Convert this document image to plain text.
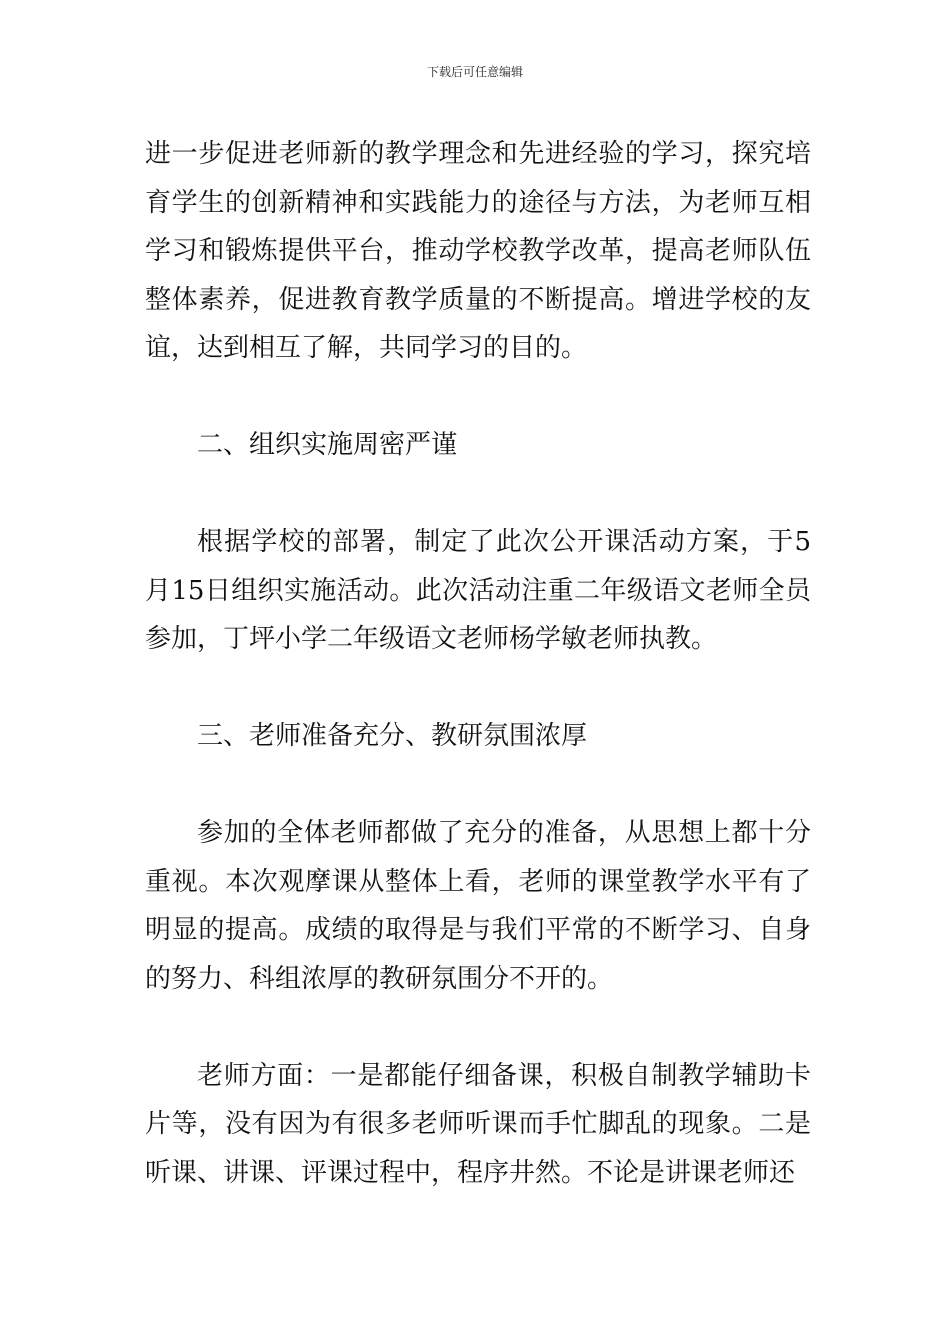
下载后可任意编辑

进一步促进老师新的教学理念和先进经验的学习，探究培育学生的创新精神和实践能力的途径与方法，为老师互相学习和锻炼提供平台，推动学校教学改革，提高老师队伍整体素养，促进教育教学质量的不断提高。增进学校的友谊，达到相互了解，共同学习的目的。

二、组织实施周密严谨

根据学校的部署，制定了此次公开课活动方案，于5月15日组织实施活动。此次活动注重二年级语文老师全员参加，丁坪小学二年级语文老师杨学敏老师执教。

三、老师准备充分、教研氛围浓厚

参加的全体老师都做了充分的准备，从思想上都十分重视。本次观摩课从整体上看，老师的课堂教学水平有了明显的提高。成绩的取得是与我们平常的不断学习、自身的努力、科组浓厚的教研氛围分不开的。

老师方面：一是都能仔细备课，积极自制教学辅助卡片等，没有因为有很多老师听课而手忙脚乱的现象。二是听课、讲课、评课过程中，程序井然。不论是讲课老师还
